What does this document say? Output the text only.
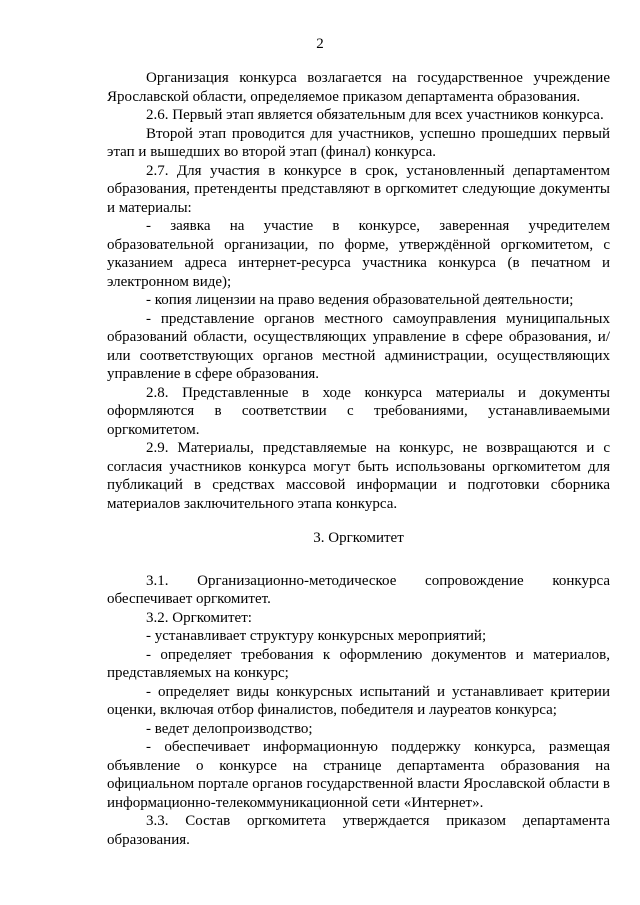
2

Организация конкурса возлагается на государственное учреждение Ярославской области, определяемое приказом департамента образования.

2.6. Первый этап является обязательным для всех участников конкурса.

Второй этап проводится для участников, успешно прошедших первый этап и вышедших во второй этап (финал) конкурса.

2.7. Для участия в конкурсе в срок, установленный департаментом образования, претенденты представляют в оргкомитет следующие документы и материалы:

- заявка на участие в конкурсе, заверенная учредителем образовательной организации, по форме, утверждённой оргкомитетом, с указанием адреса интернет-ресурса участника конкурса (в печатном и электронном виде);

- копия лицензии на право ведения образовательной деятельности;

- представление органов местного самоуправления муниципальных образований области, осуществляющих управление в сфере образования, и/или соответствующих органов местной администрации, осуществляющих управление в сфере образования.

2.8. Представленные в ходе конкурса материалы и документы оформляются в соответствии с требованиями, устанавливаемыми оргкомитетом.

2.9. Материалы, представляемые на конкурс, не возвращаются и с согласия участников конкурса могут быть использованы оргкомитетом для публикаций в средствах массовой информации и подготовки сборника материалов заключительного этапа конкурса.

3. Оргкомитет

3.1. Организационно-методическое сопровождение конкурса обеспечивает оргкомитет.

3.2. Оргкомитет:

- устанавливает структуру конкурсных мероприятий;

- определяет требования к оформлению документов и материалов, представляемых на конкурс;

- определяет виды конкурсных испытаний и устанавливает критерии оценки, включая отбор финалистов, победителя и лауреатов конкурса;

- ведет делопроизводство;

- обеспечивает информационную поддержку конкурса, размещая объявление о конкурсе на странице департамента образования на официальном портале органов государственной власти Ярославской области в информационно-телекоммуникационной сети «Интернет».

3.3. Состав оргкомитета утверждается приказом департамента образования.
